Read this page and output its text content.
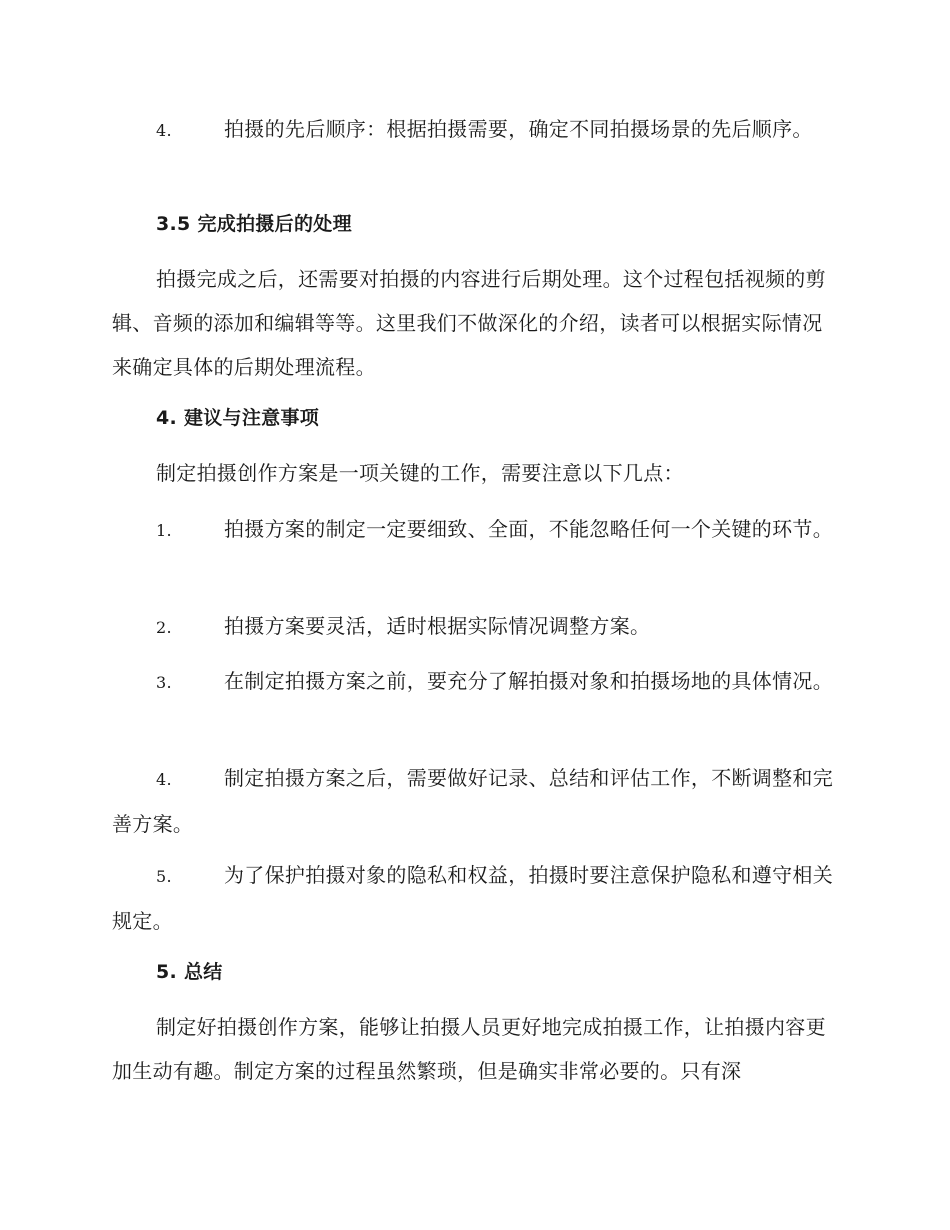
4.	拍摄的先后顺序：根据拍摄需要，确定不同拍摄场景的先后顺序。
3.5 完成拍摄后的处理
拍摄完成之后，还需要对拍摄的内容进行后期处理。这个过程包括视频的剪辑、音频的添加和编辑等等。这里我们不做深化的介绍，读者可以根据实际情况来确定具体的后期处理流程。
4. 建议与注意事项
制定拍摄创作方案是一项关键的工作，需要注意以下几点：
1.	拍摄方案的制定一定要细致、全面，不能忽略任何一个关键的环节。
2.	拍摄方案要灵活，适时根据实际情况调整方案。
3.	在制定拍摄方案之前，要充分了解拍摄对象和拍摄场地的具体情况。
4.	制定拍摄方案之后，需要做好记录、总结和评估工作，不断调整和完善方案。
5.	为了保护拍摄对象的隐私和权益，拍摄时要注意保护隐私和遵守相关规定。
5. 总结
制定好拍摄创作方案，能够让拍摄人员更好地完成拍摄工作，让拍摄内容更加生动有趣。制定方案的过程虽然繁琐，但是确实非常必要的。只有深
